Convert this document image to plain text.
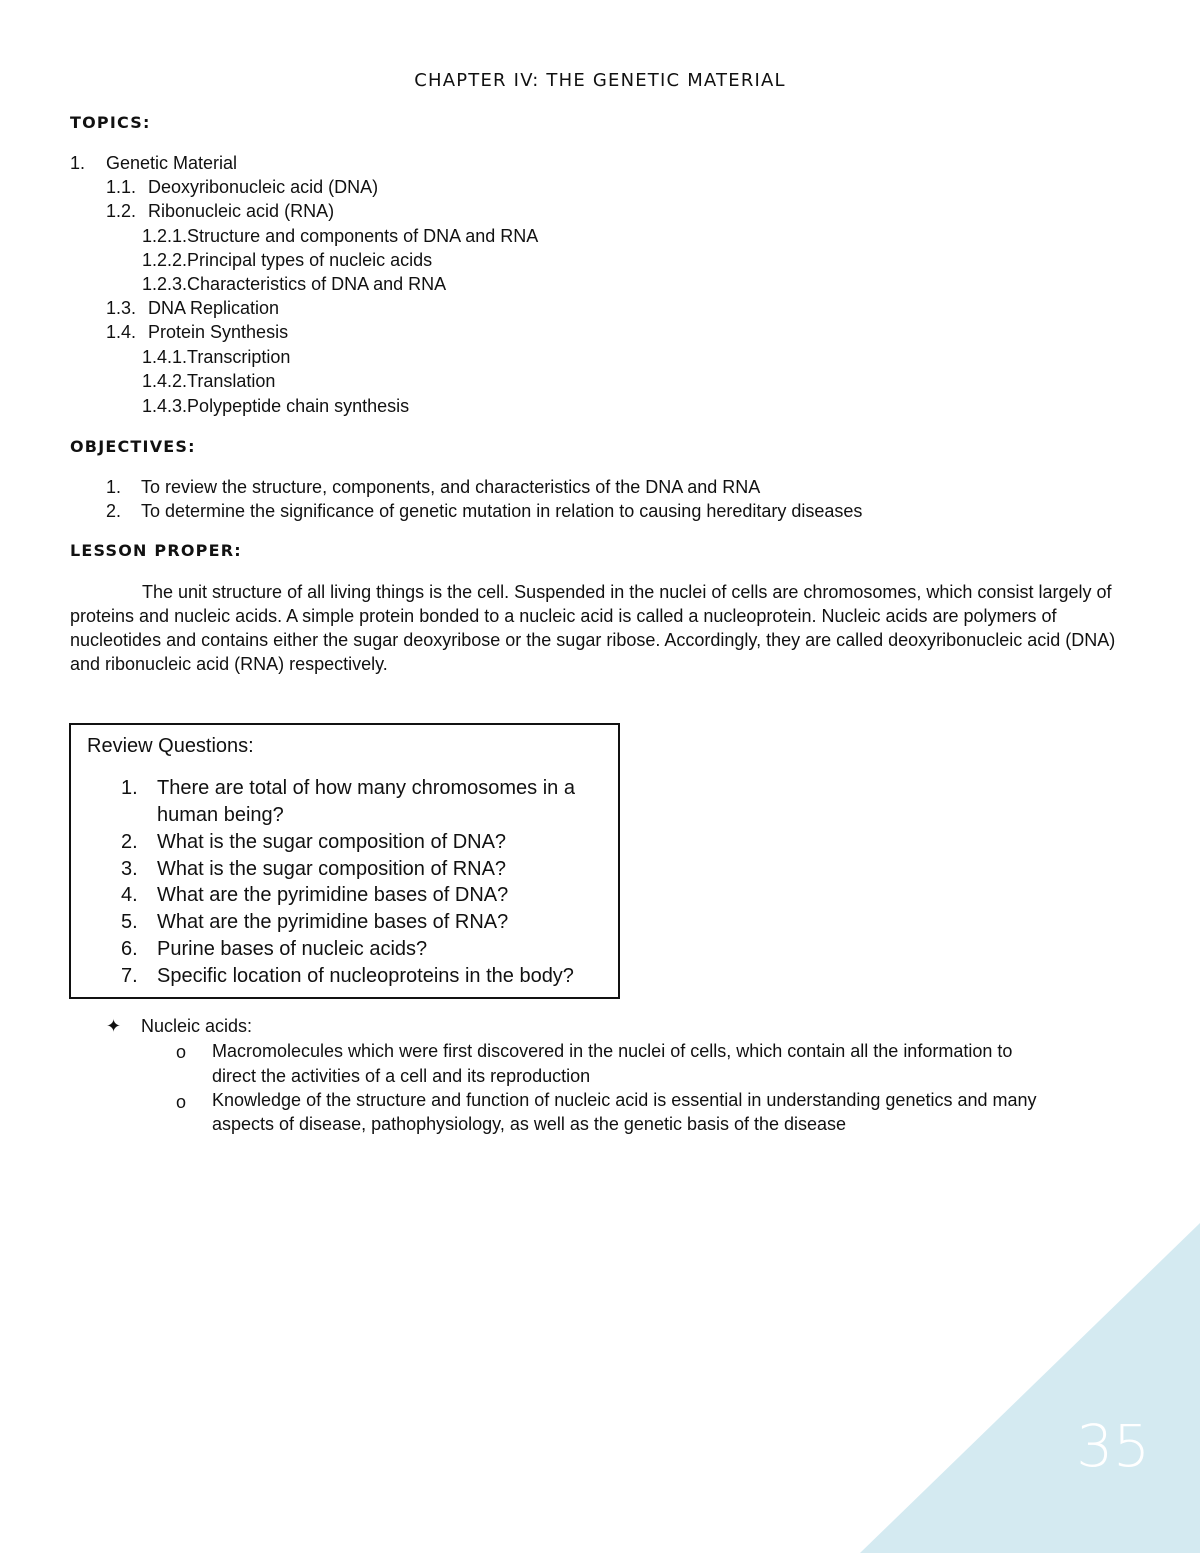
CHAPTER IV: THE GENETIC MATERIAL
TOPICS:
1. Genetic Material
1.1. Deoxyribonucleic acid (DNA)
1.2. Ribonucleic acid (RNA)
1.2.1.Structure and components of DNA and RNA
1.2.2.Principal types of nucleic acids
1.2.3.Characteristics of DNA and RNA
1.3. DNA Replication
1.4. Protein Synthesis
1.4.1.Transcription
1.4.2.Translation
1.4.3.Polypeptide chain synthesis
OBJECTIVES:
1. To review the structure, components, and characteristics of the DNA and RNA
2. To determine the significance of genetic mutation in relation to causing hereditary diseases
LESSON PROPER:

The unit structure of all living things is the cell. Suspended in the nuclei of cells are chromosomes, which consist largely of proteins and nucleic acids. A simple protein bonded to a nucleic acid is called a nucleoprotein. Nucleic acids are polymers of nucleotides and contains either the sugar deoxyribose or the sugar ribose. Accordingly, they are called deoxyribonucleic acid (DNA) and ribonucleic acid (RNA) respectively.

Review Questions:

1. There are total of how many chromosomes in a
human being?
2. What is the sugar composition of DNA?
3. What is the sugar composition of RNA?
4. What are the pyrimidine bases of DNA?
5. What are the pyrimidine bases of RNA?
6. Purine bases of nucleic acids?
7. Specific location of nucleoproteins in the body?
✦ Nucleic acids:
o Macromolecules which were first discovered in the nuclei of cells, which contain all the information to
direct the activities of a cell and its reproduction
o Knowledge of the structure and function of nucleic acid is essential in understanding genetics and many
aspects of disease, pathophysiology, as well as the genetic basis of the disease
35
